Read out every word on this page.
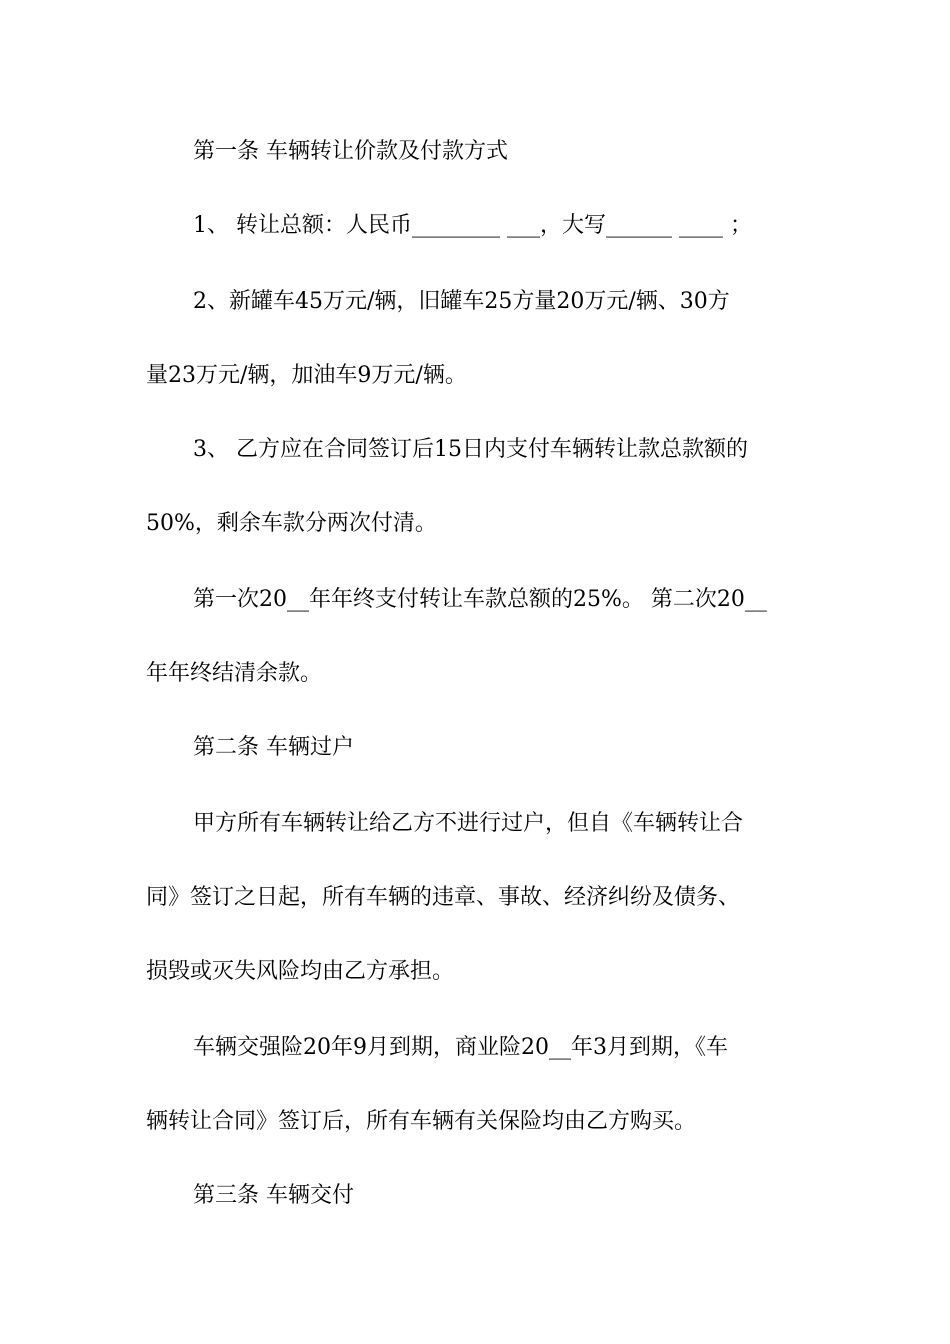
第一条 车辆转让价款及付款方式
1、 转让总额：人民币________ ___，大写______ ____ ；
2、新罐车45万元/辆，旧罐车25方量20万元/辆、30方
量23万元/辆，加油车9万元/辆。
3、 乙方应在合同签订后15日内支付车辆转让款总款额的
50%，剩余车款分两次付清。
第一次20__年年终支付转让车款总额的25%。 第二次20__
年年终结清余款。
第二条 车辆过户
甲方所有车辆转让给乙方不进行过户，但自《车辆转让合
同》签订之日起，所有车辆的违章、事故、经济纠纷及债务、
损毁或灭失风险均由乙方承担。
车辆交强险20年9月到期，商业险20__年3月到期，《车
辆转让合同》签订后，所有车辆有关保险均由乙方购买。
第三条 车辆交付
